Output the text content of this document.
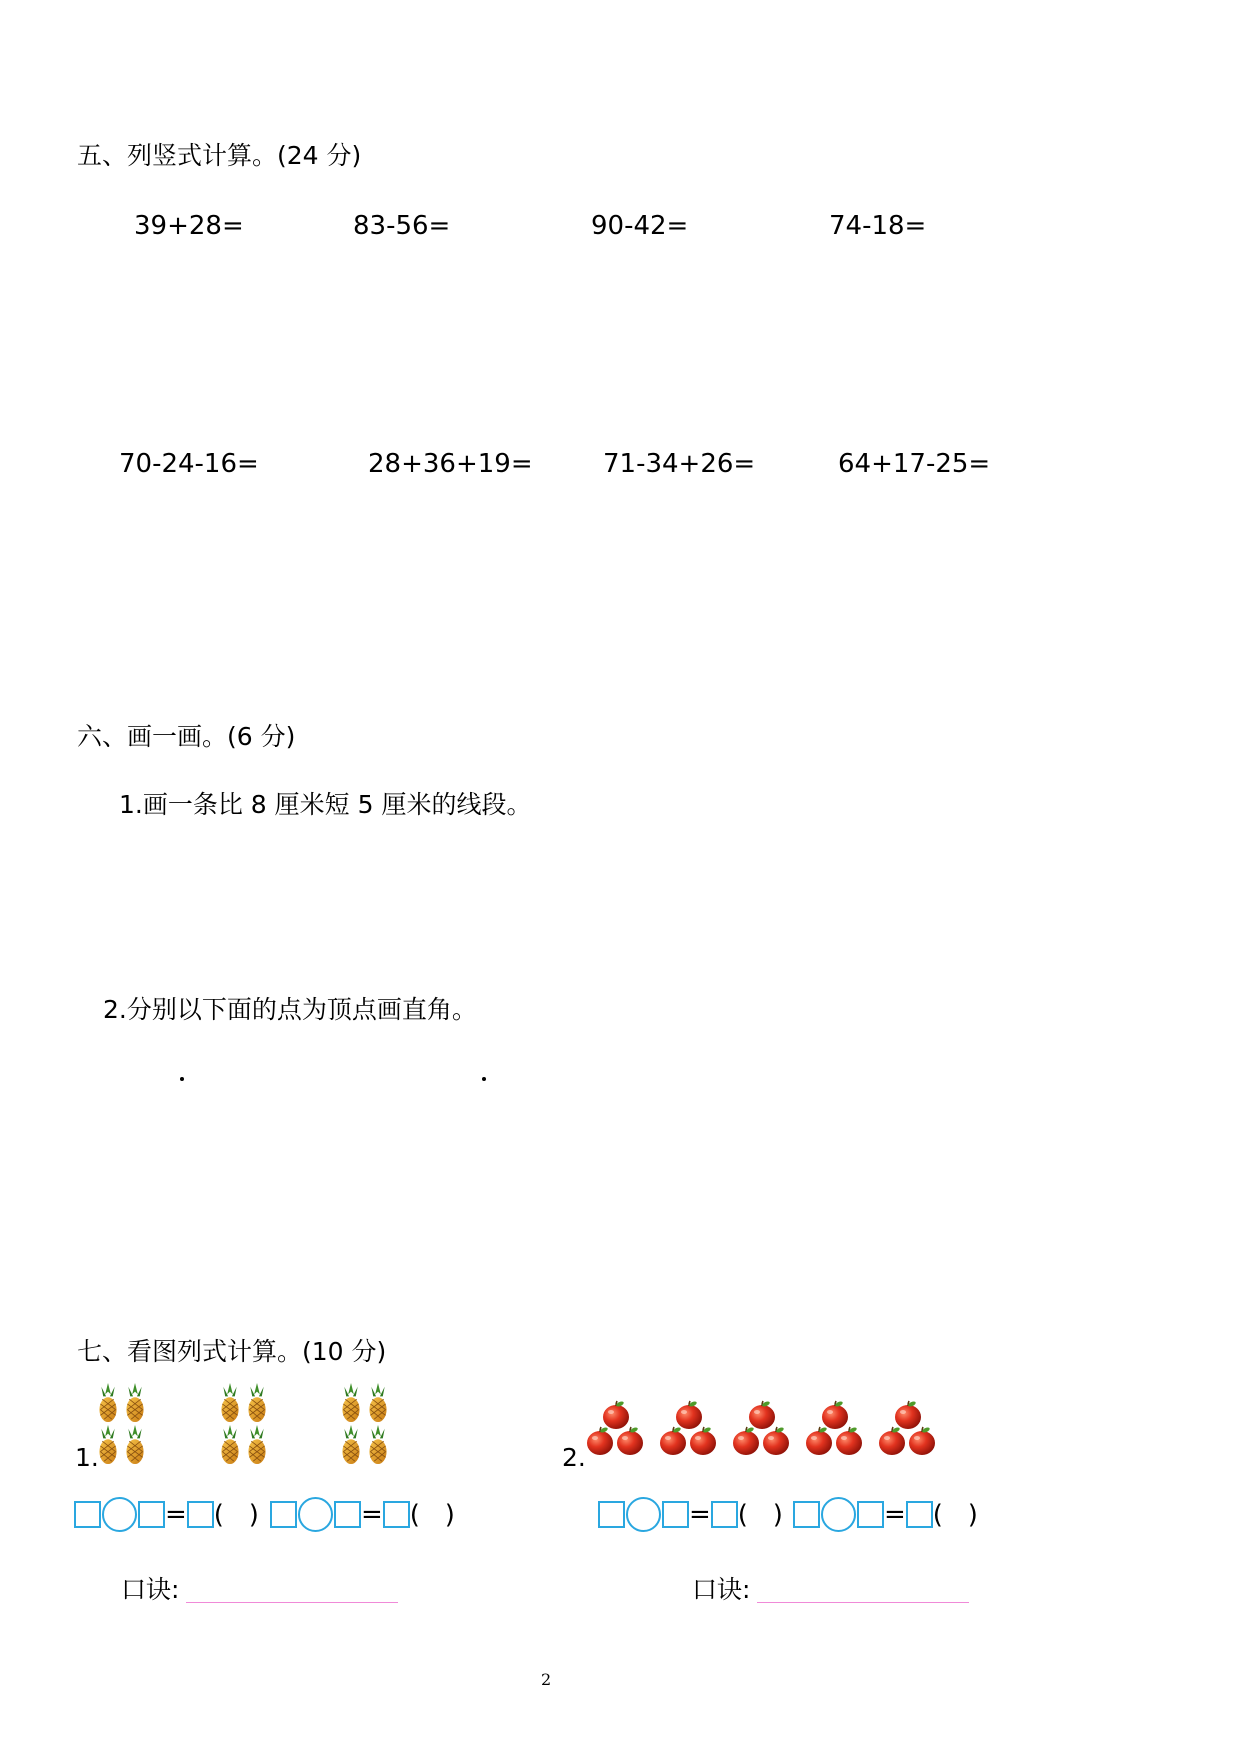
五、列竖式计算。(24 分)
39+28=	83-56=	90-42=	74-18=
70-24-16=	28+36+19=	71-34+26=	64+17-25=
六、画一画。(6 分)
1.画一条比 8 厘米短 5 厘米的线段。
2.分别以下面的点为顶点画直角。
七、看图列式计算。(10 分)
1.	2.
= ( )	= ( )	= ( )	= ( )
口诀:	口诀:
2
